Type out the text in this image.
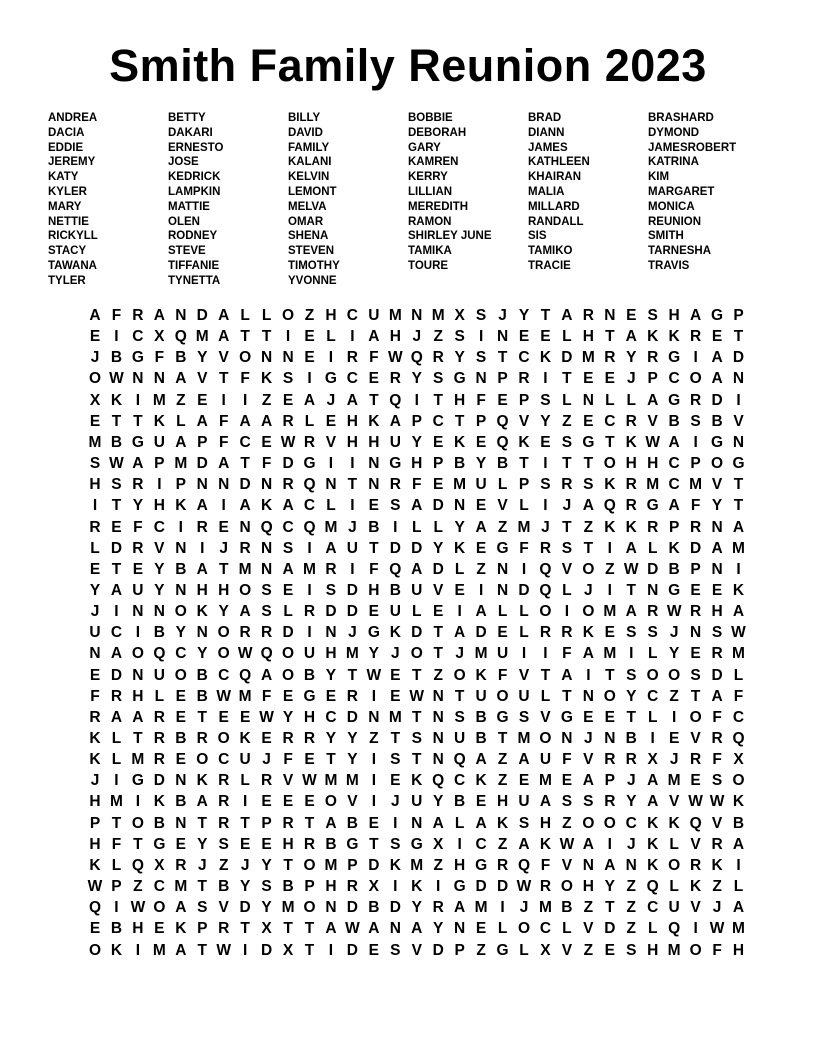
Smith Family Reunion 2023
ANDREA
DACIA
EDDIE
JEREMY
KATY
KYLER
MARY
NETTIE
RICKYLL
STACY
TAWANA
TYLER
BETTY
DAKARI
ERNESTO
JOSE
KEDRICK
LAMPKIN
MATTIE
OLEN
RODNEY
STEVE
TIFFANIE
TYNETTA
BILLY
DAVID
FAMILY
KALANI
KELVIN
LEMONT
MELVA
OMAR
SHENA
STEVEN
TIMOTHY
YVONNE
BOBBIE
DEBORAH
GARY
KAMREN
KERRY
LILLIAN
MEREDITH
RAMON
SHIRLEY JUNE
TAMIKA
TOURE
BRAD
DIANN
JAMES
KATHLEEN
KHAIRAN
MALIA
MILLARD
RANDALL
SIS
TAMIKO
TRACIE
BRASHARD
DYMOND
JAMESROBERT
KATRINA
KIM
MARGARET
MONICA
REUNION
SMITH
TARNESHA
TRAVIS
A F R A N D A L L O Z H C U M N M X S J Y T A R N E S H A G P
E I C X Q M A T T I E L I A H J Z S I N E E L H T A K K R E T
J B G F B Y V O N N E I R F W Q R Y S T C K D M R Y R G I A D
O W N N A V T F K S I G C E R Y S G N P R I T E E J P C O A N
X K I M Z E I	I Z E A J A T Q I T H F E P S L N L L A G R D I
E T T K L A F A A R L E H K A P C T P Q V Y Z E C R V B S B V
M B G U A P F C E W R V H H U Y E K E Q K E S G T K W A I G N
S W A P M D A T F D G I	I N G H P B Y B T I T T O H H C P O G
H S R I P N N D N R Q N T N R F E M U L P S R S K R M C M V T
I T Y H K A I A K A C L I E S A D N E V L I J A Q R G A F Y T
R E F C I R E N Q C Q M J B I L L Y A Z M J T Z K K R P R N A
L D R V N I J R N S I A U T D D Y K E G F R S T I A L K D A M
E T E Y B A T M N A M R I F Q A D L Z N I Q V O Z W D B P N I
Y A U Y N H H O S E I S D H B U V E I N D Q L J I T N G E E K
J I N N O K Y A S L R D D E U L E I A L L O I O M A R W R H A
U C I B Y N O R R D I N J G K D T A D E L R R K E S S J N S W
N A O Q C Y O W Q O U H M Y J O T J M U I	I F A M I L Y E R M
E D N U O B C Q A O B Y T W E T Z O K F V T A I T S O O S D L
F R H L E B W M F E G E R I E W N T U O U L T N O Y C Z T A F
R A A R E T E E W Y H C D N M T N S B G S V G E E T L I O F C
K L T R B R O K E R R Y Y Z T S N U B T M O N J N B I E V R Q
K L M R E O C U J F E T Y I S T N Q A Z A U F V R R X J R F X
J I G D N K R L R V W M M I E K Q C K Z E M E A P J A M E S O
H M I K B A R I E E E O V I J U Y B E H U A S S R Y A V W W K
P T O B N T R T P R T A B E I N A L A K S H Z O O C K K Q V B
H F T G E Y S E E H R B G T S G X I C Z A K W A I J K L V R A
K L Q X R J Z J Y T O M P D K M Z H G R Q F V N A N K O R K I
W P Z C M T B Y S B P H R X I K I G D D W R O H Y Z Q L K Z L
Q I W O A S V D Y M O N D B D Y R A M I J M B Z T Z C U V J A
E B H E K P R T X T T A W A N A Y N E L O C L V D Z L Q I W M
O K I M A T W I D X T I D E S V D P Z G L X V Z E S H M O F H
